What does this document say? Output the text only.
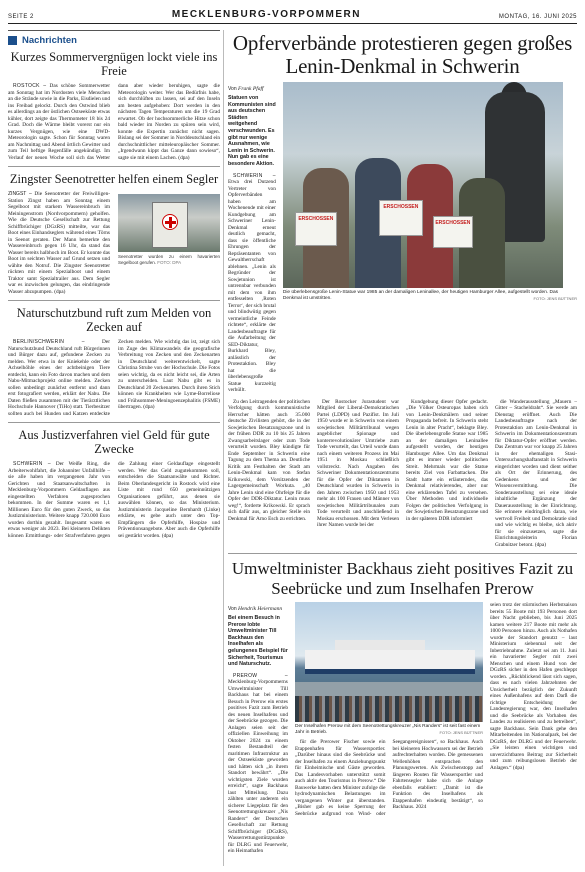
SEITE 2	MECKLENBURG-VORPOMMERN	MONTAG, 16. JUNI 2025
Nachrichten
Kurzes Sommervergnügen lockt viele ins Freie

ROSTOCK – Das schöne Sommerwetter am Sonntag hat im Nordosten viele Menschen an die Strände sowie in die Parks, Eisdielen und ins Freibad gelockt. Durch den Ostwind blieb es allerdings an der östlichen Ostseeküste etwas kühler, dort zeigte das Thermometer 18 bis 24 Grad. Doch die Wärme bleibt vorerst nur ein kurzes Vergnügen, wie eine DWD-Meteorologin sagte. Schon für Sonntag waren am Nachmittag und Abend örtlich Gewitter und zum Teil heftige Regenfälle angekündigt. Im Verlauf der neuen Woche soll sich das Wetter dann aber wieder beruhigen, sagte die Meteorologin weiter. Wer das Bedürfnis habe, sich durchlüften zu lassen, sei auf den Inseln am besten aufgehoben: Dort werden in den nächsten Tagen Temperaturen um die 19 Grad erwartet. Ob der hochsommerliche Hitze schon bald wieder im Norden zu spüren sein wird, konnte die Expertin zunächst nicht sagen. Bislang sei der Sommer in Norddeutschland ein durchschnittlicher mitteleuropäischer Sommer. „Irgendwann kippt das Ganze dann sowieso“, sagte sie mit einem Lachen. (dpa)

Zingster Seenotretter helfen einem Segler

ZINGST – Die Seenotretter der Freiwilligen-Station Zingst haben am Sonntag einem Segelboot mit starkem Wassereinbruch im Meiningenstrom (Nordvorpommern) geholfen. Wie die Deutsche Gesellschaft zur Rettung Schiffbrüchiger (DGzRS) mitteilte, war das Boot eines Einhandseglers während eines Törns in Seenot geraten. Der Mann bemerkte den Wassereinbruch gegen 16 Uhr, da stand das Wasser bereits halbhoch im Boot. Er konnte das Boot im seichten Wasser auf Grund setzen und wählte den Notruf. Die Zingster Seenotretter rückten mit einem Spezialboot und einem Traktor samt Spezialtrailer aus. Dem Segler war es inzwischen gelungen, das eindringende Wasser abzupumpen. (dpa)

Seenotretter wurden zu einem havarierten Segelboot gerufen. FOTO: DPA
Naturschutzbund ruft zum Melden von Zecken auf

BERLIN/SCHWERIN –	Der Naturschutzbund Deutschland ruft Bürgerinnen und Bürger dazu auf, gefundene Zecken zu melden. Wer etwa in der Kniekehle oder der Achselhöhle eines der achtbeinigen Tiere entdeckt, kann ein Foto davon machen und dem Nabu-Mitmachprojekt online melden. Zecken sollen unbedingt zunächst entfernt und dann erst fotografiert werden, erklärt der Nabu. Die Daten fließen zusammen mit der Tierärztlichen Hochschule Hannover (TiHo) statt. Tierbesitzer sollten auch bei Hunden und Katzen entdeckte Zecken melden. Wie wichtig das ist, zeigt sich im Zuge des Klimawandels die geografische Verbreitung von Zecken und den Zeckenarten in Deutschland weiterentwickelt, sagte Christina Strube von der Hochschule. Die Fotos seien wichtig, da es nicht leicht sei, die Arten zu unterscheiden. Laut Nabu gibt es in Deutschland 20 Zeckenarten. Durch ihren Stich können sie Krankheiten wie Lyme-Borreliose und Frühsommer-Meningoenzephalitis (FSME) übertragen. (dpa)

Aus Justizverfahren viel Geld für gute Zwecke

SCHWERIN – Der Weiße Ring, die Arbeiterwohlfahrt, die Johanniter Unfallhilfe – sie alle haben im vergangenen Jahr von Gerichten und Staatsanwaltschaften in Mecklenburg-Vorpommern Geldauflagen aus eingestellten Verfahren zugesprochen bekommen. In der Summe waren es 1,1 Millionen Euro für den guten Zweck, so das Justizministerium. Weitere knapp 720.000 Euro wurden dorthin gezahlt. Insgesamt waren es etwas weniger als 2023. Bei kleineren Delikten können Ermittlungs- oder Strafverfahren gegen die Zahlung einer Geldauflage eingestellt werden. Wer das Geld zugutekommen soll, entscheiden die Staatsanwälte und Richter. Beim Oberlandesgericht in Rostock wird eine Liste mit rund 650 gemeinnützigen Organisationen geführt, aus denen sie auswählen können, so das Ministerium. Justizministerin Jacqueline Bernhardt (Linke) erklärte, es gebe auch unter den Top-Empfängern die Opferhilfe, Hospize und Präventionsangebote. Aber auch die Opferhilfe sei gestärkt worden. (dpa)

Opferverbände protestieren gegen großes Lenin-Denkmal in Schwerin
Von Frank Pfaff
Statuen von Kommunisten sind aus deutschen Städten weitgehend verschwunden. Es gibt nur wenige Ausnahmen, wie Lenin in Schwerin. Nun gab es eine besondere Aktion.

SCHWERIN – Etwa drei Dutzend Vertreter von Opferverbänden haben am Wochenende mit einer Kundgebung am Schweriner Lenin-Denkmal erneut deutlich gemacht, dass sie öffentliche Ehrungen der Repräsentanten von Gewaltherrschaft ablehnen. „Lenin als Begründer der Sowjetunion ist untrennbar verbunden mit dem von ihm entfesselten ‚Roten Terror‘, der sich brutal und blindwütig gegen vermeintliche Feinde richtete“, erklärte der Landesbeauftragte für die Aufarbeitung der SED-Diktatur, Burkhard Bley, anlässlich der Protestaktion. Bley hat die überlebensgroße Statue kurzzeitig verhüllt.

ERSCHOSSEN
ERSCHOSSEN
ERSCHOSSEN
Die überlebensgroße Lenin-Statue war 1985 an der damaligen Leninallee, der heutigen Hamburger Allee, aufgestellt worden. Das Denkmal ist umstritten.	FOTO: JENS BÜTTNER

Zu den Leitragenden der politischen Verfolgung durch kommunistische Herrscher hätten auch 35.000 deutsche Zivilisten gehört, die in der Sowjetischen Besatzungszone und in der frühen DDR zu 10 bis 25 Jahren Zwangsarbeitslager oder zum Tode verurteilt wurden. Bley kündigte für Ende September in Schwerin eine Tagung zu dem Thema an. Deutliche Kritik am Festhalten der Stadt am Lenin-Denkmal kam von Stefan Krikowski, dem Vorsitzenden der Lagergemeinschaft Workuta. „40 Jahre Lenin sind eine Ohrfeige für die Opfer der DDR-Diktatur. Lenin muss weg!“, forderte Krikowski. Er sprach sich dafür aus, an gleicher Stelle ein Denkmal für Arno Esch zu errichten.

Der Rostocker Jurastudent war Mitglied der Liberal-Demokratischen Partei (LDPD) und Pazifist. Im Juli 1950 wurde er in Schwerin von einem sowjetischen Militärtribunal wegen angeblicher Spionage und konterrevolutionärer Umtriebe zum Tode verurteilt, das Urteil wurde dann nach einem weiteren Prozess im Mai 1951 in Moskau schließlich vollstreckt. Nach Angaben des Schweriner Dokumentationszentrums für die Opfer der Diktaturen in Deutschland wurden in Schwerin in den Jahren zwischen 1950 und 1953 mehr als 100 Frauen und Männer von sowjetischen Militärtribunalen zum Tode verurteilt und anschließend in Moskau erschossen. Mit dem Verlesen ihrer Namen wurde bei der

Kundgebung dieser Opfer gedacht. „Die Völker Osteuropas haben sich von Lenin-Denkmälern und seiner Propaganda befreit. In Schwerin steht Lenin in alter Pracht“, beklagte Bley. Die überlebensgroße Statue war 1985 an der damaligen Leninallee aufgestellt worden, der heutigen Hamburger Allee. Um das Denkmal gibt es immer wieder politischen Streit. Mehrmals war die Statue bereits Ziel von Farbattacken. Die Stadt hatte ein erläuterndes, das Denkmal relativierendes, aber nur eine erklärenden Tafel zu versehen. Über Methoden und individuelle Folgen der politischen Verfolgung in der Sowjetischen Besatzungszone und in der späteren DDR informiert

die Wanderausstellung „Mauern – Gitter – Stacheldraht“. Sie werde am Dienstag eröffnet. Auch Die Landesbeauftragte nach der Protestaktion am Lenin-Denkmal in Schwerin im Dokumentationszentrum für Diktatur-Opfer eröffnet werden. Das Zentrum war vor knapp 25 Jahren in der ehemaligen Stasi-Untersuchungshaftanstalt in Schwerin eingerichtet worden und dient seither als Ort der Erinnerung, des Gedenkens und der Wissensvermittlung. Die Sonderausstellung sei eine ideale inhaltliche Ergänzung der Dauerausstellung in der Einrichtung. Sie erinnere eindringlich daran, wie wertvoll Freiheit und Demokratie sind und wie wichtig es bleibe, sich aktiv für sie einzusetzen, sagte die Einrichtungsleiterin Florian Grabnitzer betont. (dpa)

Umweltminister Backhaus zieht positives Fazit zu Seebrücke und zum Inselhafen Prerow
Von Hendrik Heiermann
Bei einem Besuch in Prerow lobte Umweltminister Till Backhaus den Inselhafen als gelungenes Beispiel für Sicherheit, Tourismus und Naturschutz.

PREROW – Mecklenburg-Vorpommerns Umweltminister Till Backhaus hat bei einem Besuch in Prerow ein erstes positives Fazit zum Betrieb des neuen Inselhafens und der Seebrücke gezogen. Die Anlagen seien seit der offiziellen Einweihung im Oktober 2024 zu einem festen Bestandteil der maritimen Infrastruktur an der Ostseeküste geworden und hätten sich „in ihrem Standort bewährt“. „Die wichtigsten Ziele wurden erreicht“, sagte Backhaus laut Mitteilung. Dazu zählten unter anderem ein sicherer Liegeplatz für den Seenotrettungskreuzer „Nis Randers“ der Deutschen Gesellschaft zur Rettung Schiffbrüchiger (DGzRS), Wasserrettungsstützpunkte für DLRG und Feuerwehr, ein Heimathafen

Der Inselhafen Prerow mit dem Seenotrettungskreuzer „Nis Randers“ ist seit fast einem Jahr in Betrieb.	FOTO: JENS BÜTTNER

für die Prerower Fischer sowie ein Etappenhafen für Wassersportler. „Darüber hinaus sind die Seebrücke und der Inselhafen zu einem Anziehungspunkt für Einheimische und Gäste geworden. Das Landesvorhaben unterstützt somit auch aktiv den Tourismus in Prerow.“ Die Bauwerke hatten dem Minister zufolge die hydrodynamischen Belastungen im vergangenen Winter gut überstanden. „Bisher gab es keine Sperrung der Seebrücke aufgrund von Wind- oder Seegangereignissen“, so Backhaus. Auch bei kleineren Hochwassern sei der Betrieb aufrechterhalten worden. Die gemessenen Wellenhöhen entsprachen den Planungswerten. Als Zwischenstopp auf längeren Routen für Wassersportler und Fahrtensegler habe sich die Anlage ebenfalls etabliert: „Damit ist die Funktion des Inselhafens als Etappenhafen eindeutig bestätigt“, so Backhaus. 2024

seien trotz der stürmischen Herbstsaison bereits 55 Boote mit 193 Personen dort über Nacht geblieben, bis Juni 2025 kamen weitere 217 Boote mit mehr als 1000 Personen hinzu. Auch als Nothafen wurde der Standort genutzt – laut Ministerium siebenmal seit der Inbetriebnahme. Zuletzt sei am 11. Juni ein havarierter Segler mit zwei Menschen und einem Hund von der DGzRS sicher in den Hafen geschleppt worden. „Rückblickend lässt sich sagen, dass es nach vielen Jahrzehnten der Unsicherheit bezüglich der Zukunft eines Außenhafens auf dem Darß die richtige Entscheidung der Landesregierung war, den Inselhafen und die Seebrücke als Vorhaben des Landes zu realisieren und zu betreiben“, sagte Backhaus. Sein Dank gehe den Mitarbeitenden im Nationalpark, bei der DGzRS, der DLRG und der Feuerwehr. „Sie leisten einen wichtigen und unverzichtbaren Beitrag zur Sicherheit und zum reibungslosen Betrieb der Anlagen.“ (dpa)
